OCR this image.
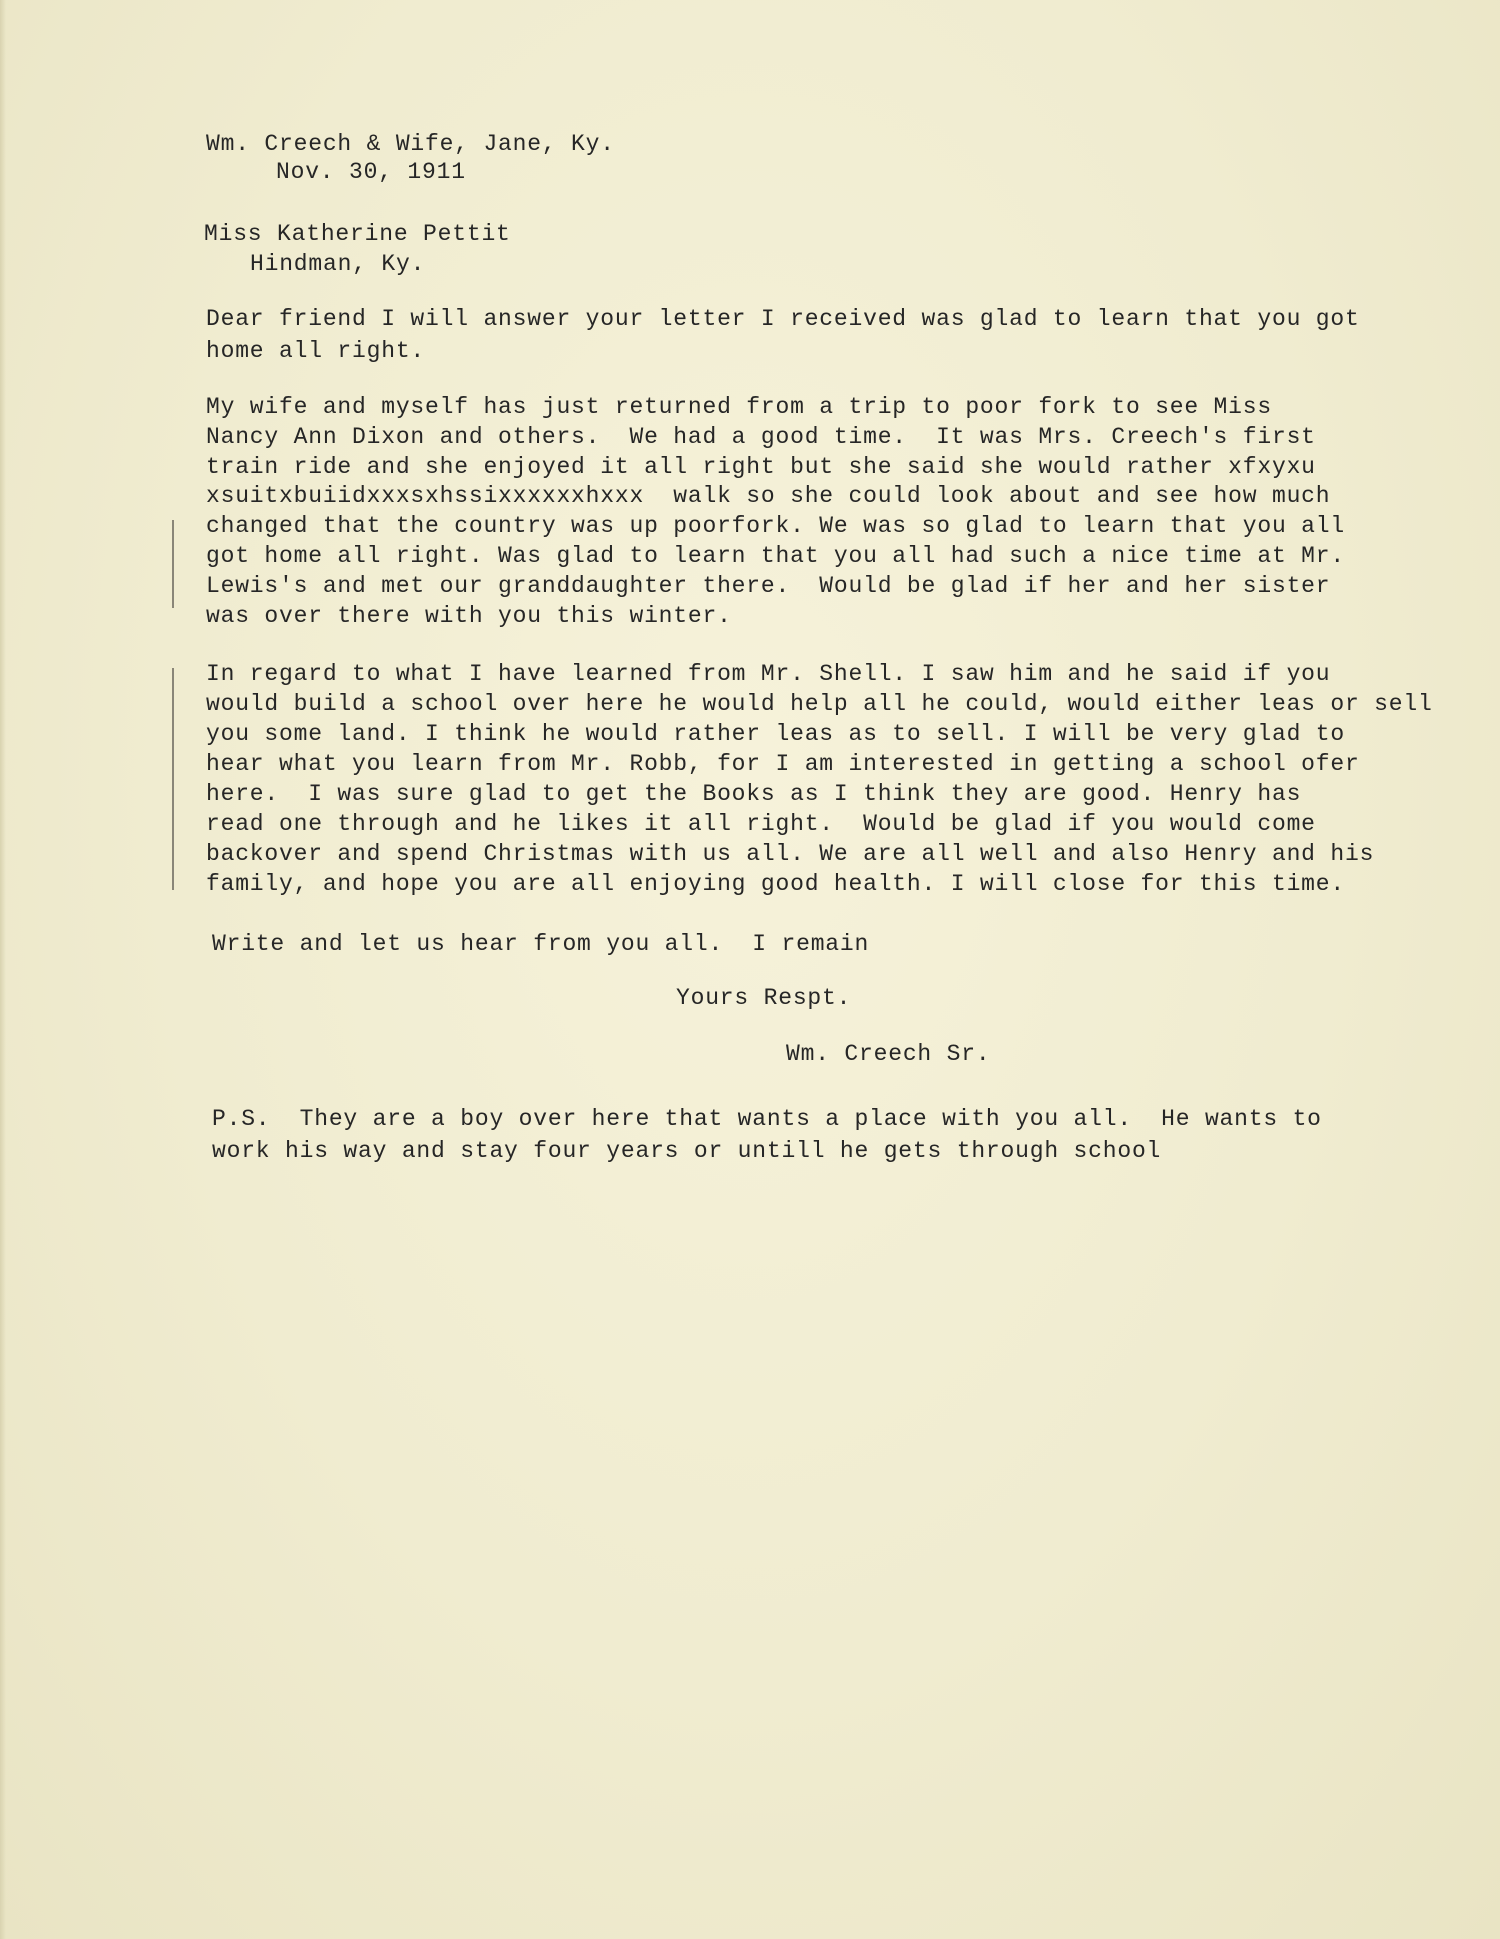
Wm. Creech & Wife, Jane, Ky.

Nov. 30, 1911

Miss Katherine Pettit

Hindman, Ky.

Dear friend I will answer your letter I received was glad to learn that you got

home all right.

My wife and myself has just returned from a trip to poor fork to see Miss

Nancy Ann Dixon and others.  We had a good time.  It was Mrs. Creech's first

train ride and she enjoyed it all right but she said she would rather xfxyxu

xsuitxbuiidxxxsxhssixxxxxxhxxx  walk so she could look about and see how much

changed that the country was up poorfork. We was so glad to learn that you all

got home all right. Was glad to learn that you all had such a nice time at Mr.

Lewis's and met our granddaughter there.  Would be glad if her and her sister

was over there with you this winter.

In regard to what I have learned from Mr. Shell. I saw him and he said if you

would build a school over here he would help all he could, would either leas or sell

you some land. I think he would rather leas as to sell. I will be very glad to

hear what you learn from Mr. Robb, for I am interested in getting a school ofer

here.  I was sure glad to get the Books as I think they are good. Henry has

read one through and he likes it all right.  Would be glad if you would come

backover and spend Christmas with us all. We are all well and also Henry and his

family, and hope you are all enjoying good health. I will close for this time.

Write and let us hear from you all.  I remain

Yours Respt.

Wm. Creech Sr.

P.S.  They are a boy over here that wants a place with you all.  He wants to

work his way and stay four years or untill he gets through school
